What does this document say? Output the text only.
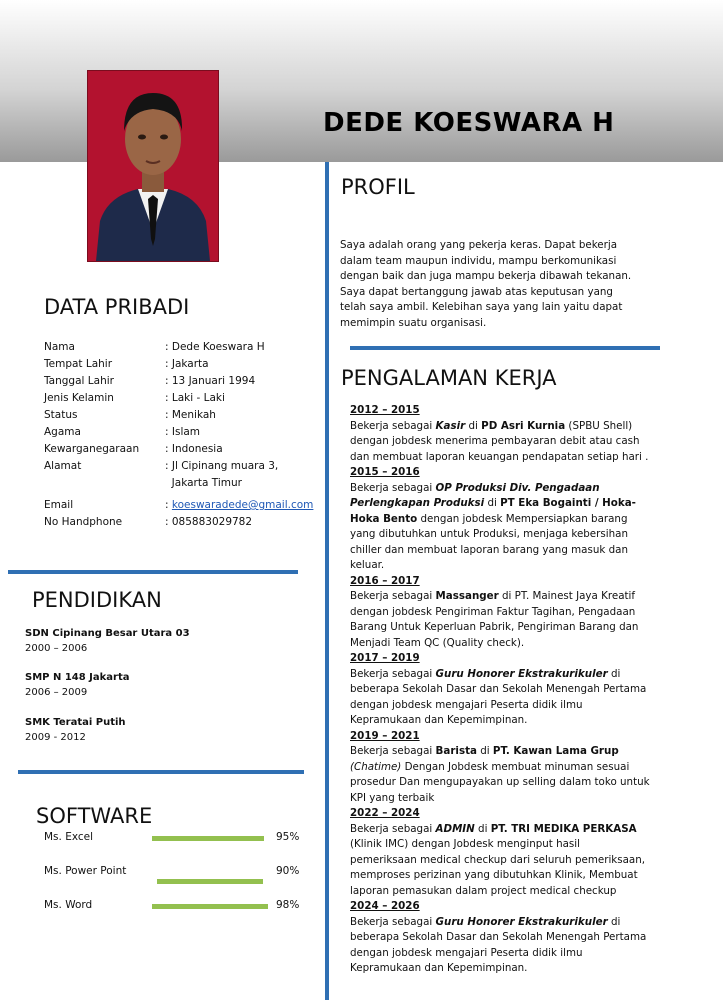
DEDE KOESWARA H
PROFIL
Saya adalah orang yang pekerja keras. Dapat bekerja dalam team maupun individu, mampu berkomunikasi dengan baik dan juga mampu bekerja dibawah tekanan. Saya dapat bertanggung jawab atas keputusan yang telah saya ambil. Kelebihan saya yang lain yaitu dapat memimpin suatu organisasi.
DATA PRIBADI
Nama	: Dede Koeswara H
Tempat Lahir	: Jakarta
Tanggal Lahir	: 13 Januari 1994
Jenis Kelamin	: Laki - Laki
Status	: Menikah
Agama	: Islam
Kewarganegaraan	: Indonesia
Alamat	: Jl Cipinang muara 3,
Jakarta Timur
Email	: koeswaradede@gmail.com
No Handphone	: 085883029782
PENDIDIKAN
SDN Cipinang Besar Utara 03
2000 – 2006
SMP N 148 Jakarta
2006 – 2009
SMK Teratai Putih
2009 - 2012
SOFTWARE
Ms. Excel	95%
Ms. Power Point	90%
Ms. Word	98%
PENGALAMAN KERJA
2012 – 2015
Bekerja sebagai Kasir di PD Asri Kurnia (SPBU Shell) dengan jobdesk menerima pembayaran debit atau cash dan membuat laporan keuangan pendapatan setiap hari .
2015 – 2016
Bekerja sebagai OP Produksi Div. Pengadaan Perlengkapan Produksi di PT Eka Bogainti / Hoka-Hoka Bento dengan jobdesk Mempersiapkan barang yang dibutuhkan untuk Produksi, menjaga kebersihan chiller dan membuat laporan barang yang masuk dan keluar.
2016 – 2017
Bekerja sebagai Massanger di PT. Mainest Jaya Kreatif dengan jobdesk Pengiriman Faktur Tagihan, Pengadaan Barang Untuk Keperluan Pabrik, Pengiriman Barang dan Menjadi Team QC (Quality check).
2017 – 2019
Bekerja sebagai Guru Honorer Ekstrakurikuler di beberapa Sekolah Dasar dan Sekolah Menengah Pertama dengan jobdesk mengajari Peserta didik ilmu Kepramukaan dan Kepemimpinan.
2019 – 2021
Bekerja sebagai Barista di PT. Kawan Lama Grup (Chatime) Dengan Jobdesk membuat minuman sesuai prosedur Dan mengupayakan up selling dalam toko untuk KPI yang terbaik
2022 – 2024
Bekerja sebagai ADMIN di PT. TRI MEDIKA PERKASA (Klinik IMC) dengan Jobdesk menginput hasil pemeriksaan medical checkup dari seluruh pemeriksaan, memproses perizinan yang dibutuhkan Klinik, Membuat laporan pemasukan dalam project medical checkup
2024 – 2026
Bekerja sebagai Guru Honorer Ekstrakurikuler di beberapa Sekolah Dasar dan Sekolah Menengah Pertama dengan jobdesk mengajari Peserta didik ilmu Kepramukaan dan Kepemimpinan.
